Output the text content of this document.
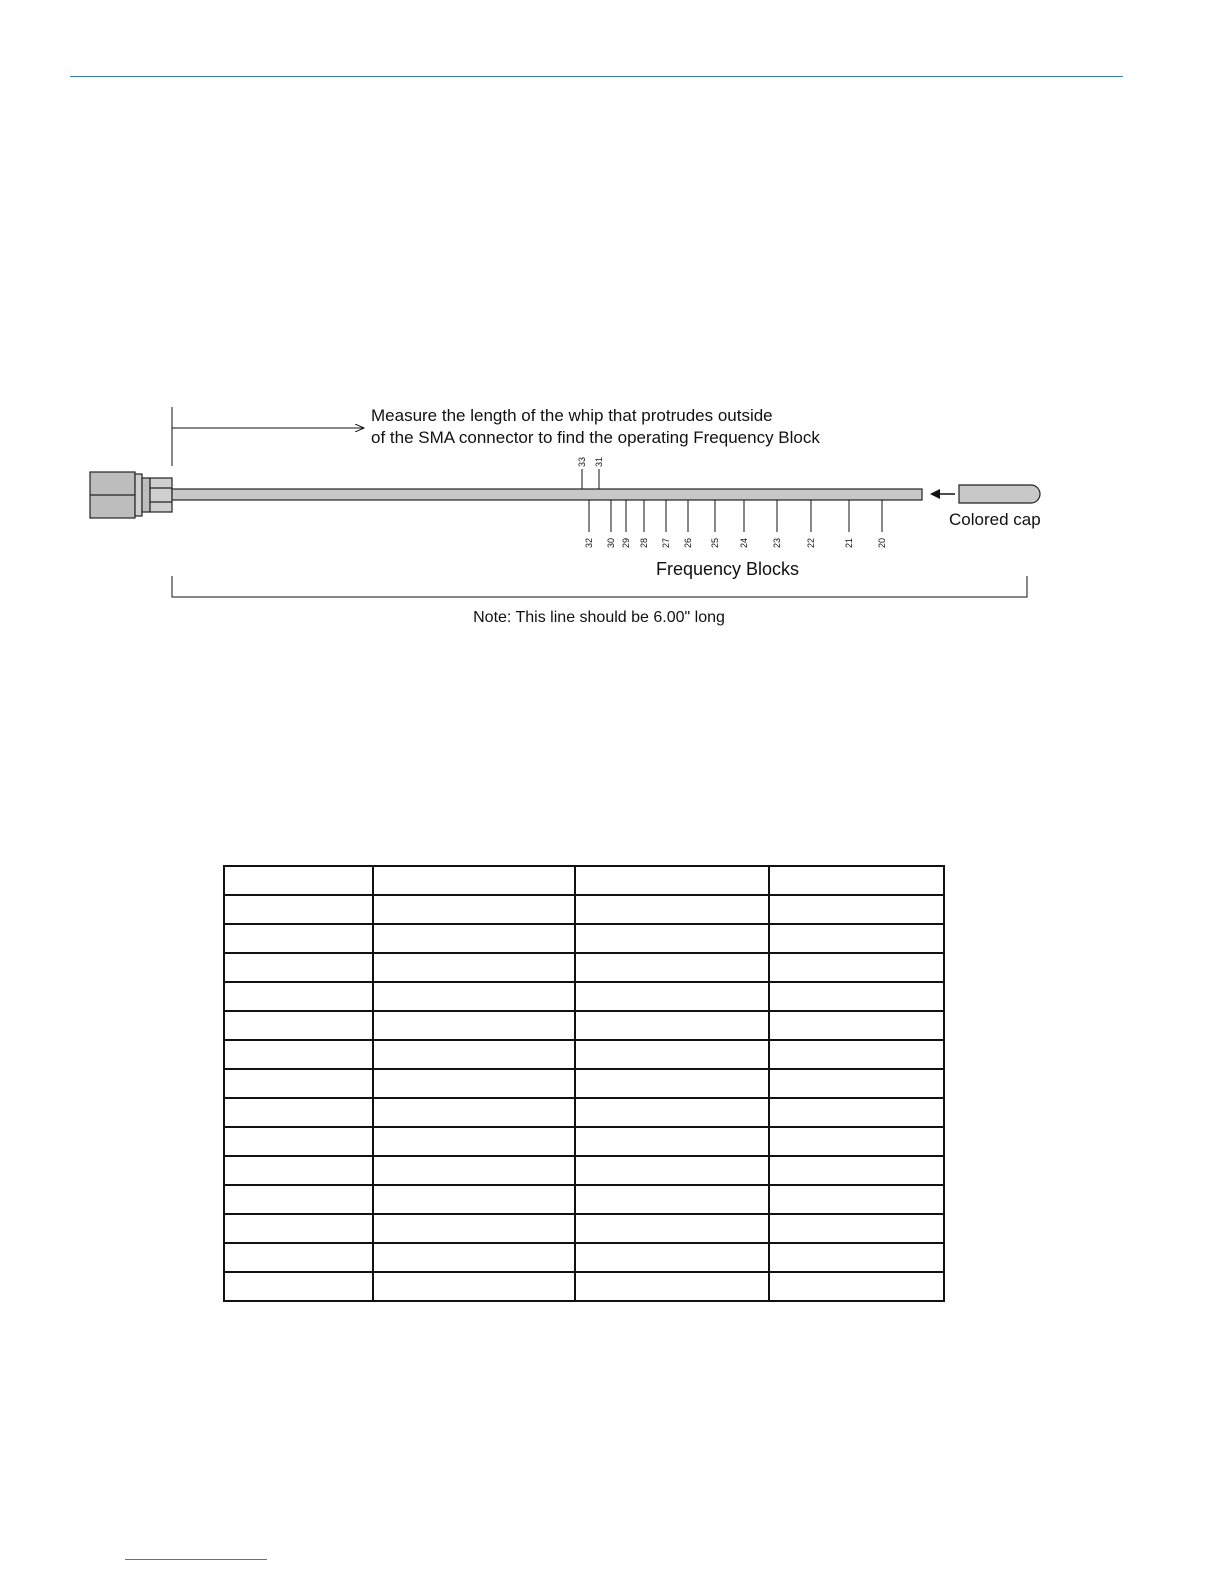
Measure the length of the whip that protrudes outside
of the SMA connector to find the operating Frequency Block
33 31
32 30 29 28 27 26 25 24	23	22	21	20
Frequency Blocks
Colored cap
Note: This line should be 6.00" long
